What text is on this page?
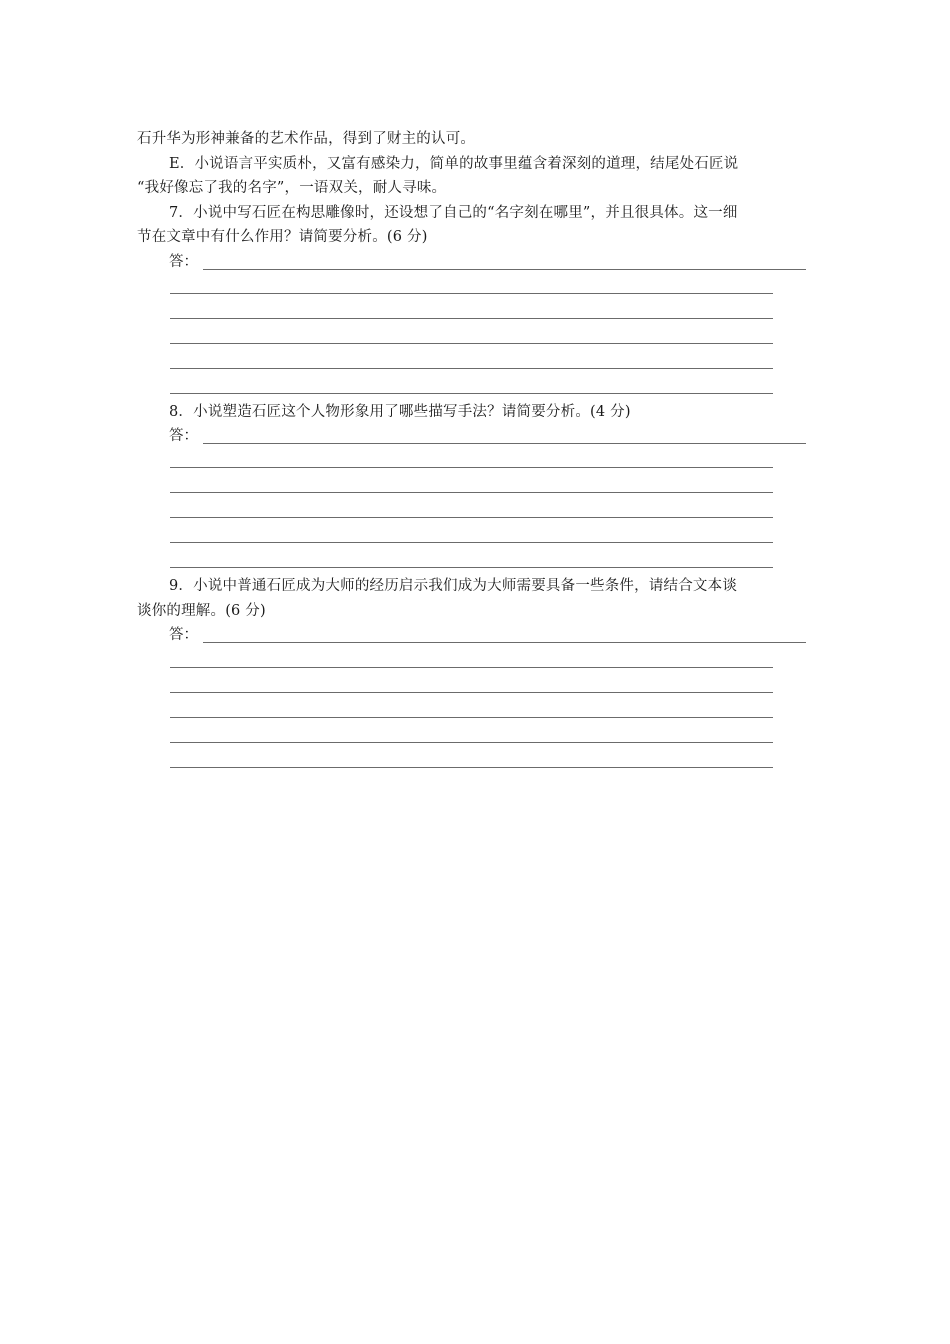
石升华为形神兼备的艺术作品，得到了财主的认可。
E．小说语言平实质朴，又富有感染力，简单的故事里蕴含着深刻的道理，结尾处石匠说
“我好像忘了我的名字”，一语双关，耐人寻味。
7．小说中写石匠在构思雕像时，还设想了自己的“名字刻在哪里”，并且很具体。这一细
节在文章中有什么作用？请简要分析。(6 分)
答：
8．小说塑造石匠这个人物形象用了哪些描写手法？请简要分析。(4 分)
答：
9．小说中普通石匠成为大师的经历启示我们成为大师需要具备一些条件，请结合文本谈
谈你的理解。(6 分)
答：
